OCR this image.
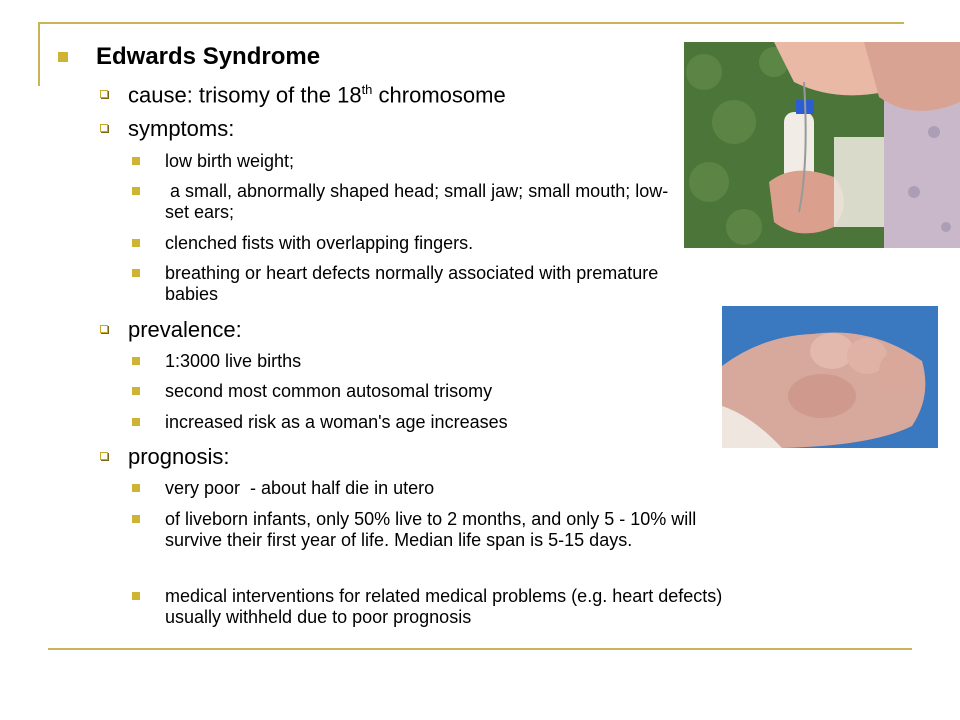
Edwards Syndrome
cause: trisomy of the 18th chromosome
symptoms:
low birth weight;
a small, abnormally shaped head; small jaw; small mouth; low-set ears;
clenched fists with overlapping fingers.
breathing or heart defects normally associated with premature babies
prevalence:
1:3000 live births
second most common autosomal trisomy
increased risk as a woman's age increases
prognosis:
very poor  - about half die in utero
of liveborn infants, only 50% live to 2 months, and only 5 - 10% will survive their first year of life. Median life span is 5-15 days.
medical interventions for related medical problems (e.g. heart defects) usually withheld due to poor prognosis
